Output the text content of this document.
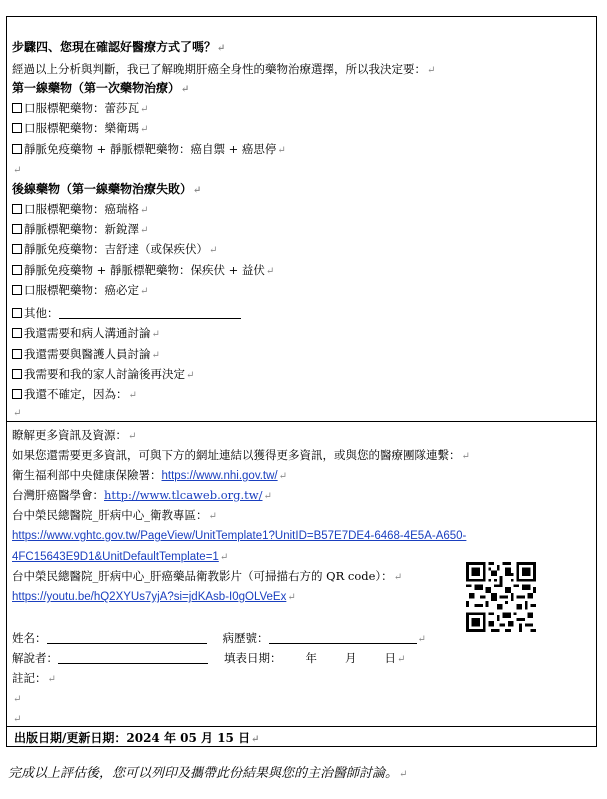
步驟四、您現在確認好醫療方式了嗎？↵
經過以上分析與判斷，我已了解晚期肝癌全身性的藥物治療選擇，所以我決定要：↵
第一線藥物（第一次藥物治療）↵
口服標靶藥物：蕾莎瓦↵
口服標靶藥物：樂衛瑪↵
靜脈免疫藥物 + 靜脈標靶藥物：癌自禦 + 癌思停↵
↵
後線藥物（第一線藥物治療失敗）↵
口服標靶藥物：癌瑞格↵
靜脈標靶藥物：新銳澤↵
靜脈免疫藥物：吉舒達（或保疾伏）↵
靜脈免疫藥物 + 靜脈標靶藥物：保疾伏 + 益伏↵
口服標靶藥物：癌必定↵
其他：
我還需要和病人溝通討論↵
我還需要與醫護人員討論↵
我需要和我的家人討論後再決定↵
我還不確定，因為：↵
↵
瞭解更多資訊及資源：↵
如果您還需要更多資訊，可與下方的網址連結以獲得更多資訊，或與您的醫療團隊連繫：↵
衛生福利部中央健康保險署：https://www.nhi.gov.tw/↵
台灣肝癌醫學會：http://www.tlcaweb.org.tw/↵
台中榮民總醫院_肝病中心_衛教專區：↵
https://www.vghtc.gov.tw/PageView/UnitTemplate1?UnitID=B57E7DE4-6468-4E5A-A650-
4FC15643E9D1&UnitDefaultTemplate=1↵
台中榮民總醫院_肝病中心_肝癌藥品衛教影片（可掃描右方的 QR code）：↵
https://youtu.be/hQ2XYUs7yjA?si=jdKAsb-I0gOLVeEx↵
姓名：	病歷號：	↵
解說者：	填表日期： 年 月 日↵
註記：↵
↵
↵
出版日期/更新日期：2024 年 05 月 15 日↵
完成以上評估後，您可以列印及攜帶此份結果與您的主治醫師討論。↵
